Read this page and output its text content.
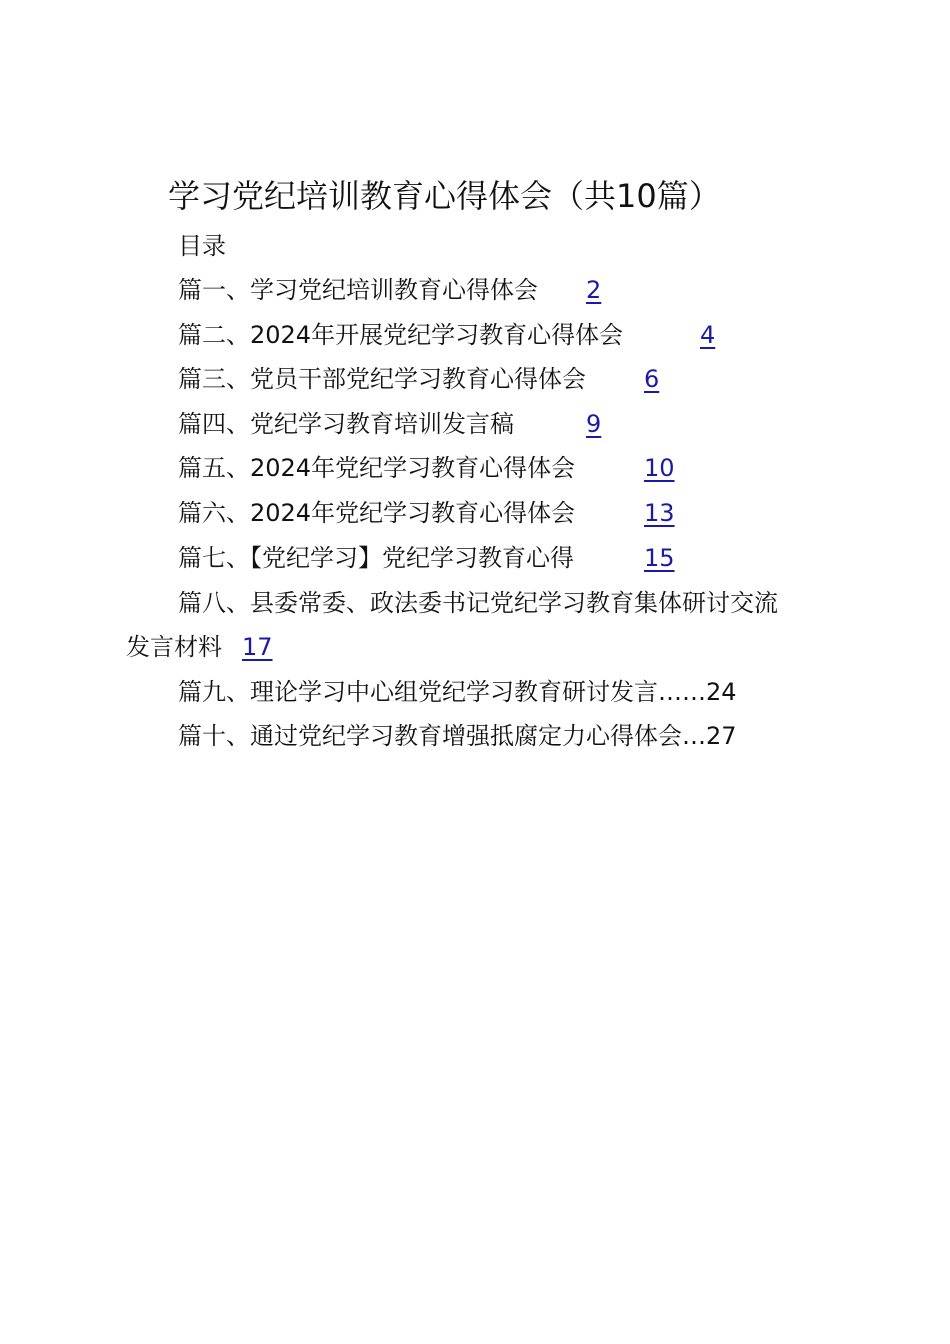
学习党纪培训教育心得体会（共10篇）
目录
篇一、学习党纪培训教育心得体会 2
篇二、2024年开展党纪学习教育心得体会	4
篇三、党员干部党纪学习教育心得体会 6
篇四、党纪学习教育培训发言稿	9
篇五、2024年党纪学习教育心得体会	10
篇六、2024年党纪学习教育心得体会	13
篇七、【党纪学习】党纪学习教育心得	15
篇八、县委常委、政法委书记党纪学习教育集体研讨交流
发言材料 17
篇九、理论学习中心组党纪学习教育研讨发言……24
篇十、通过党纪学习教育增强抵腐定力心得体会…27
